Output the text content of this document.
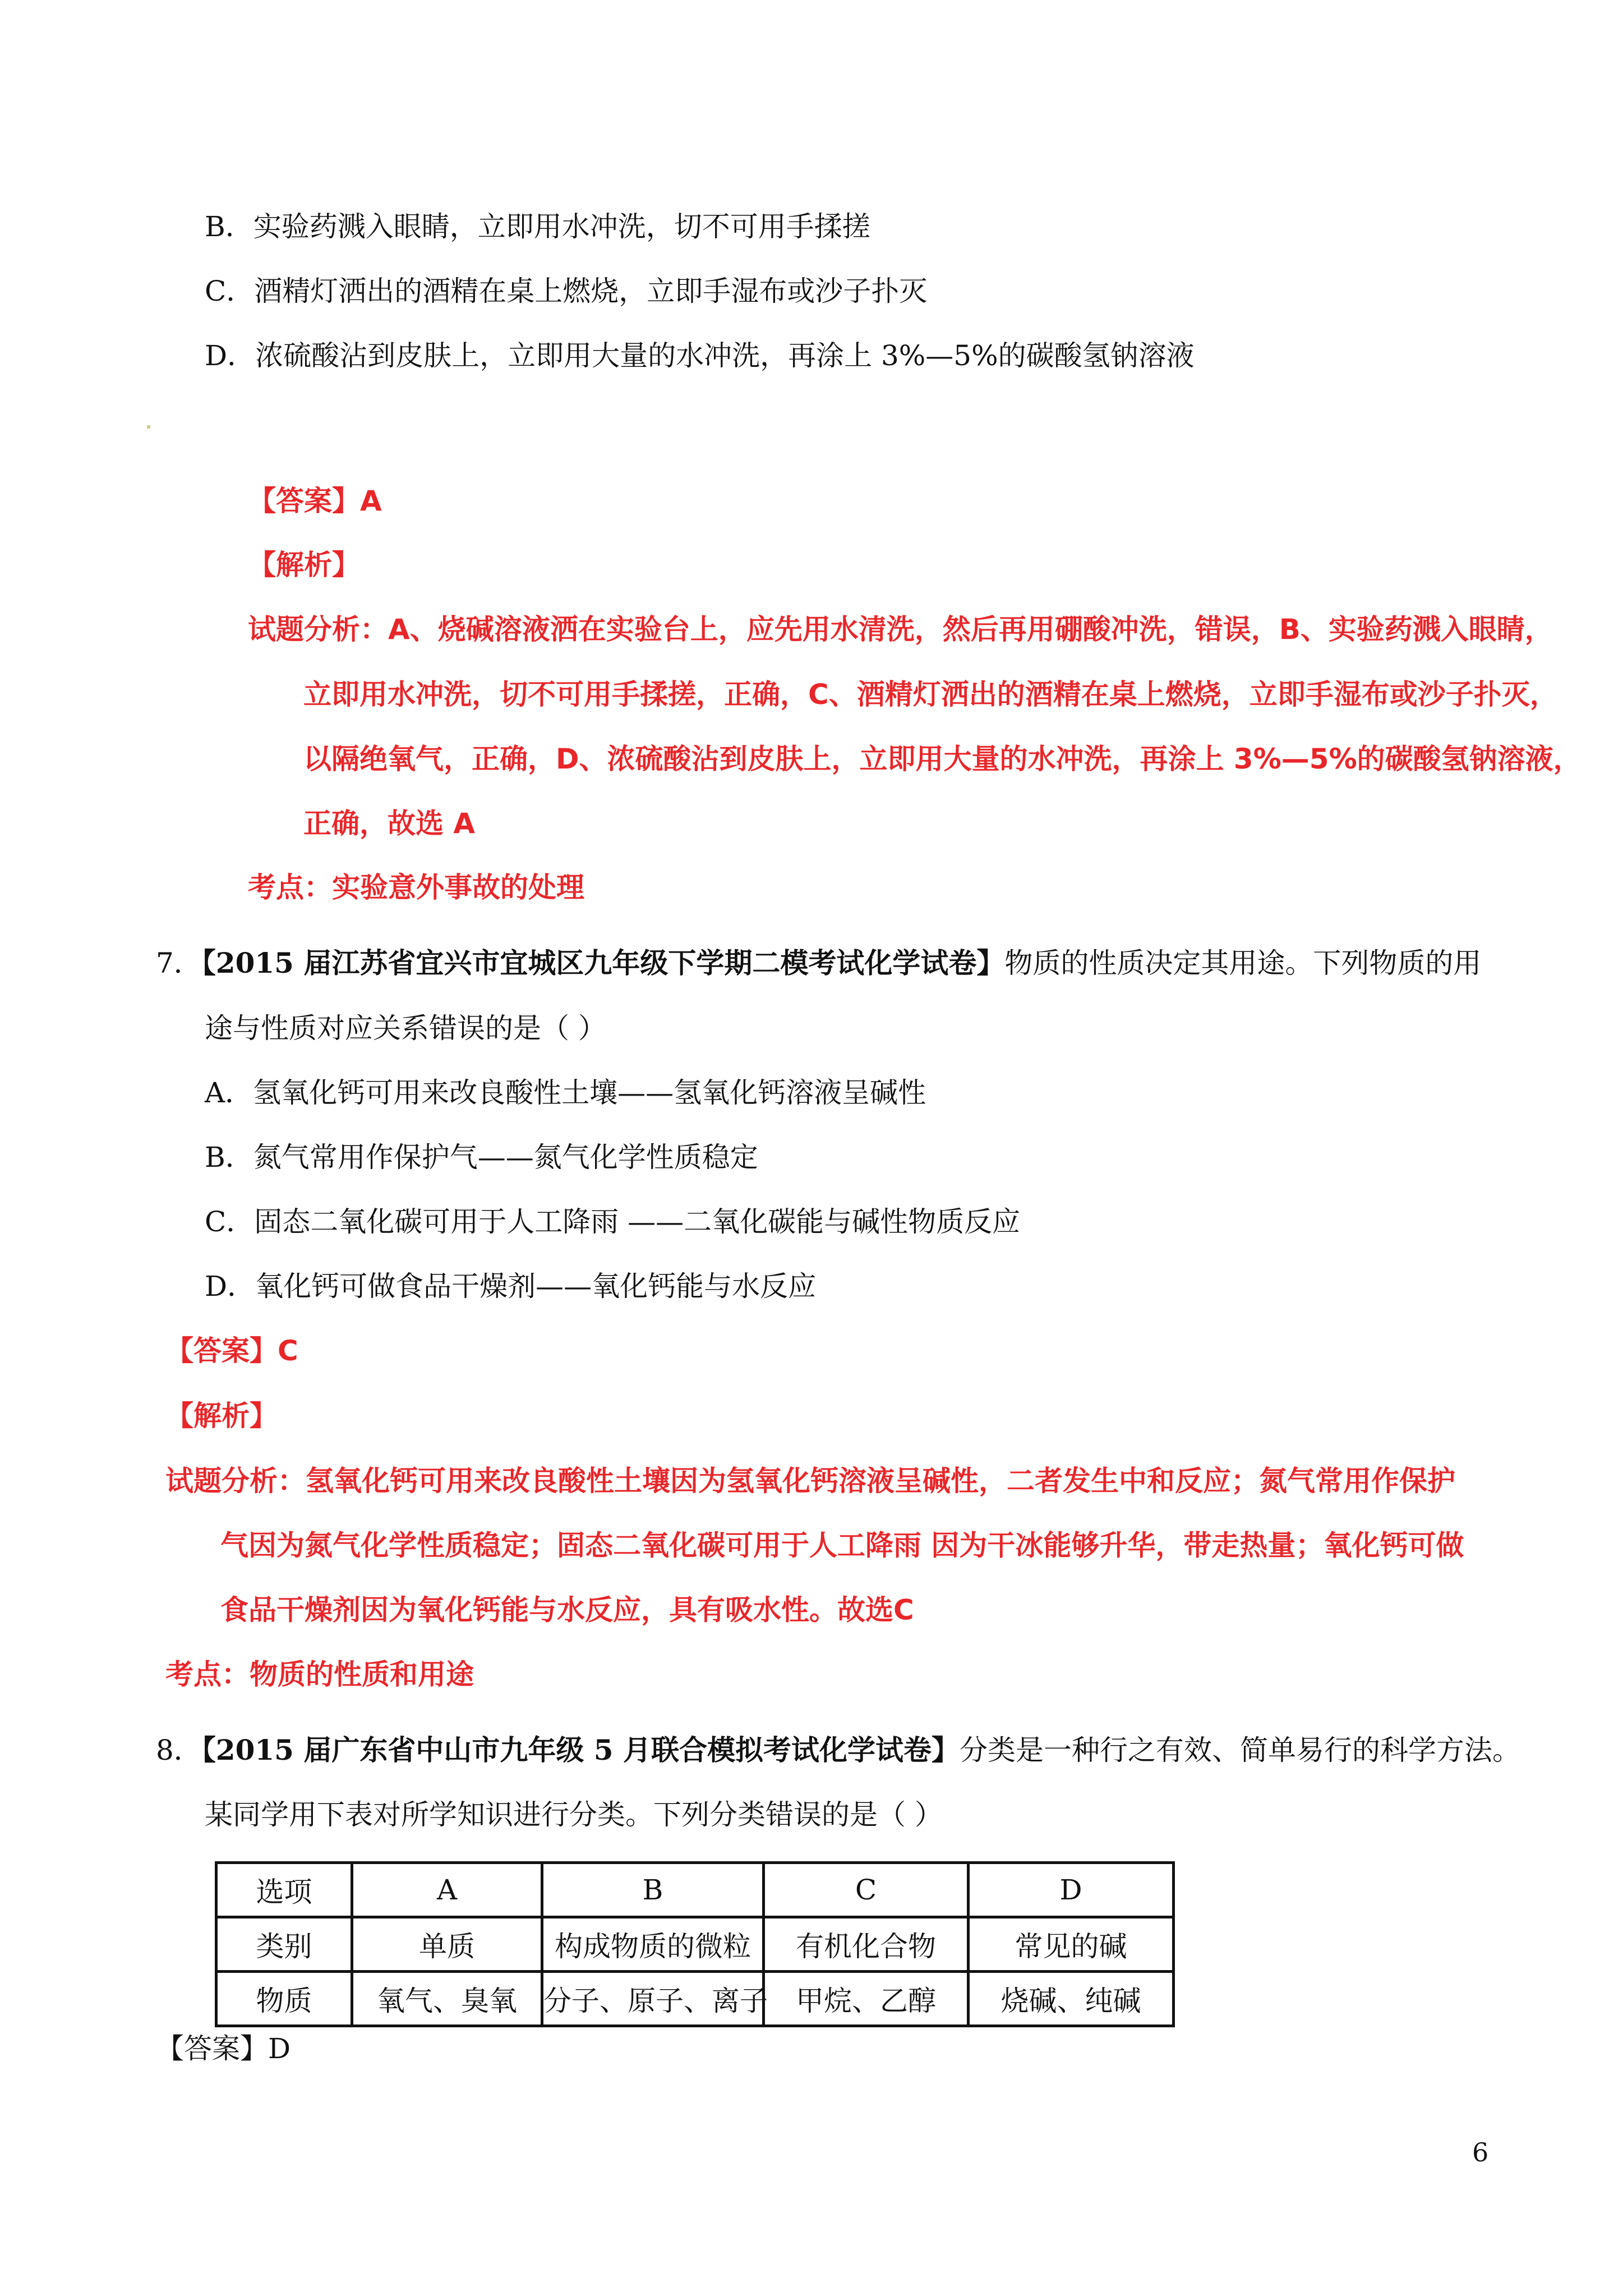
B．实验药溅入眼睛，立即用水冲洗，切不可用手揉搓
C．酒精灯洒出的酒精在桌上燃烧，立即手湿布或沙子扑灭
D．浓硫酸沾到皮肤上，立即用大量的水冲洗，再涂上 3%—5%的碳酸氢钠溶液
【答案】A
【解析】
试题分析：A、烧碱溶液洒在实验台上，应先用水清洗，然后再用硼酸冲洗，错误，B、实验药溅入眼睛，
立即用水冲洗，切不可用手揉搓，正确，C、酒精灯洒出的酒精在桌上燃烧，立即手湿布或沙子扑灭，
以隔绝氧气，正确，D、浓硫酸沾到皮肤上，立即用大量的水冲洗，再涂上 3%—5%的碳酸氢钠溶液，
正确，故选 A
考点：实验意外事故的处理
7．【2015 届江苏省宜兴市宜城区九年级下学期二模考试化学试卷】物质的性质决定其用途。下列物质的用
途与性质对应关系错误的是（ ）
A．氢氧化钙可用来改良酸性土壤——氢氧化钙溶液呈碱性
B．氮气常用作保护气——氮气化学性质稳定
C．固态二氧化碳可用于人工降雨 ——二氧化碳能与碱性物质反应
D．氧化钙可做食品干燥剂——氧化钙能与水反应
【答案】C
【解析】
试题分析：氢氧化钙可用来改良酸性土壤因为氢氧化钙溶液呈碱性，二者发生中和反应；氮气常用作保护
气因为氮气化学性质稳定；固态二氧化碳可用于人工降雨 因为干冰能够升华，带走热量；氧化钙可做
食品干燥剂因为氧化钙能与水反应，具有吸水性。故选C
考点：物质的性质和用途
8．【2015 届广东省中山市九年级 5 月联合模拟考试化学试卷】分类是一种行之有效、简单易行的科学方法。
某同学用下表对所学知识进行分类。下列分类错误的是（ ）
选项	A	B	C	D
类别	单质	构成物质的微粒	有机化合物	常见的碱
物质	氧气、臭氧	分子、原子、离子	甲烷、乙醇	烧碱、纯碱
【答案】D
6
